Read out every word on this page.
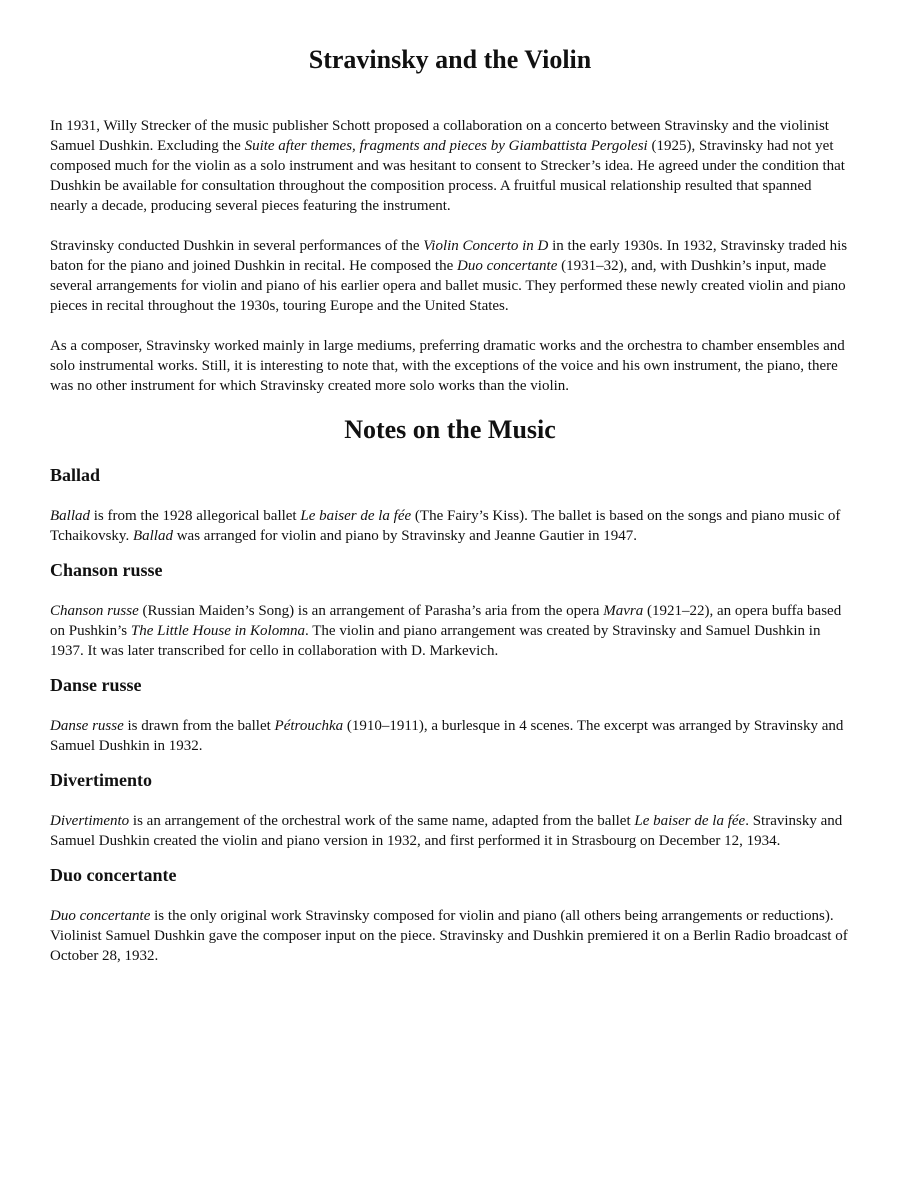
Stravinsky and the Violin

In 1931, Willy Strecker of the music publisher Schott proposed a collaboration on a concerto between Stravinsky and the violinist Samuel Dushkin. Excluding the Suite after themes, fragments and pieces by Giambattista Pergolesi (1925), Stravinsky had not yet composed much for the violin as a solo instrument and was hesitant to consent to Strecker’s idea. He agreed under the condition that Dushkin be available for consultation throughout the composition process. A fruitful musical relationship resulted that spanned nearly a decade, producing several pieces featuring the instrument.

Stravinsky conducted Dushkin in several performances of the Violin Concerto in D in the early 1930s. In 1932, Stravinsky traded his baton for the piano and joined Dushkin in recital. He composed the Duo concertante (1931–32), and, with Dushkin’s input, made several arrangements for violin and piano of his earlier opera and ballet music. They performed these newly created violin and piano pieces in recital throughout the 1930s, touring Europe and the United States.

As a composer, Stravinsky worked mainly in large mediums, preferring dramatic works and the orchestra to chamber ensembles and solo instrumental works. Still, it is interesting to note that, with the exceptions of the voice and his own instrument, the piano, there was no other instrument for which Stravinsky created more solo works than the violin.

Notes on the Music
Ballad

Ballad is from the 1928 allegorical ballet Le baiser de la fée (The Fairy’s Kiss). The ballet is based on the songs and piano music of Tchaikovsky. Ballad was arranged for violin and piano by Stravinsky and Jeanne Gautier in 1947.

Chanson russe

Chanson russe (Russian Maiden’s Song) is an arrangement of Parasha’s aria from the opera Mavra (1921–22), an opera buffa based on Pushkin’s The Little House in Kolomna. The violin and piano arrangement was created by Stravinsky and Samuel Dushkin in 1937. It was later transcribed for cello in collaboration with D. Markevich.

Danse russe

Danse russe is drawn from the ballet Pétrouchka (1910–1911), a burlesque in 4 scenes. The excerpt was arranged by Stravinsky and Samuel Dushkin in 1932.

Divertimento

Divertimento is an arrangement of the orchestral work of the same name, adapted from the ballet Le baiser de la fée. Stravinsky and Samuel Dushkin created the violin and piano version in 1932, and first performed it in Strasbourg on December 12, 1934.

Duo concertante

Duo concertante is the only original work Stravinsky composed for violin and piano (all others being arrangements or reductions). Violinist Samuel Dushkin gave the composer input on the piece. Stravinsky and Dushkin premiered it on a Berlin Radio broadcast of October 28, 1932.
